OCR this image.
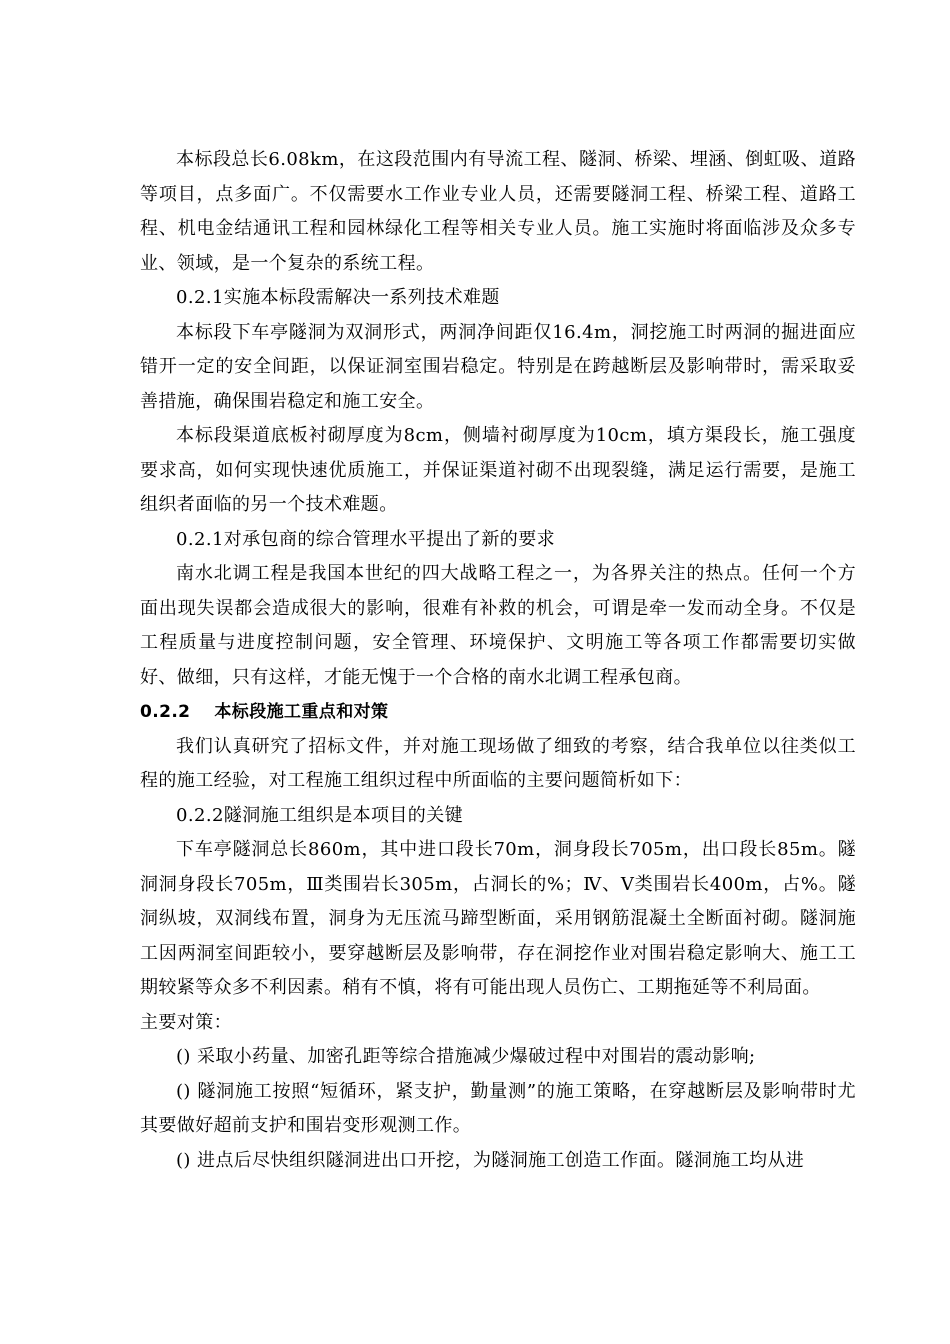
本标段总长6.08km，在这段范围内有导流工程、隧洞、桥梁、埋涵、倒虹吸、道路等项目，点多面广。不仅需要水工作业专业人员，还需要隧洞工程、桥梁工程、道路工程、机电金结通讯工程和园林绿化工程等相关专业人员。施工实施时将面临涉及众多专业、领域，是一个复杂的系统工程。

0.2.1实施本标段需解决一系列技术难题

本标段下车亭隧洞为双洞形式，两洞净间距仅16.4m，洞挖施工时两洞的掘进面应错开一定的安全间距，以保证洞室围岩稳定。特别是在跨越断层及影响带时，需采取妥善措施，确保围岩稳定和施工安全。

本标段渠道底板衬砌厚度为8cm，侧墙衬砌厚度为10cm，填方渠段长，施工强度要求高，如何实现快速优质施工，并保证渠道衬砌不出现裂缝，满足运行需要，是施工组织者面临的另一个技术难题。

0.2.1对承包商的综合管理水平提出了新的要求

南水北调工程是我国本世纪的四大战略工程之一，为各界关注的热点。任何一个方面出现失误都会造成很大的影响，很难有补救的机会，可谓是牵一发而动全身。不仅是工程质量与进度控制问题，安全管理、环境保护、文明施工等各项工作都需要切实做好、做细，只有这样，才能无愧于一个合格的南水北调工程承包商。

0.2.2 本标段施工重点和对策

我们认真研究了招标文件，并对施工现场做了细致的考察，结合我单位以往类似工程的施工经验，对工程施工组织过程中所面临的主要问题简析如下：

0.2.2隧洞施工组织是本项目的关键

下车亭隧洞总长860m，其中进口段长70m，洞身段长705m，出口段长85m。隧洞洞身段长705m，Ⅲ类围岩长305m，占洞长的%；Ⅳ、Ⅴ类围岩长400m，占%。隧洞纵坡，双洞线布置，洞身为无压流马蹄型断面，采用钢筋混凝土全断面衬砌。隧洞施工因两洞室间距较小，要穿越断层及影响带，存在洞挖作业对围岩稳定影响大、施工工期较紧等众多不利因素。稍有不慎，将有可能出现人员伤亡、工期拖延等不利局面。

主要对策：

() 采取小药量、加密孔距等综合措施减少爆破过程中对围岩的震动影响;

() 隧洞施工按照“短循环，紧支护，勤量测”的施工策略，在穿越断层及影响带时尤其要做好超前支护和围岩变形观测工作。

() 进点后尽快组织隧洞进出口开挖，为隧洞施工创造工作面。隧洞施工均从进
